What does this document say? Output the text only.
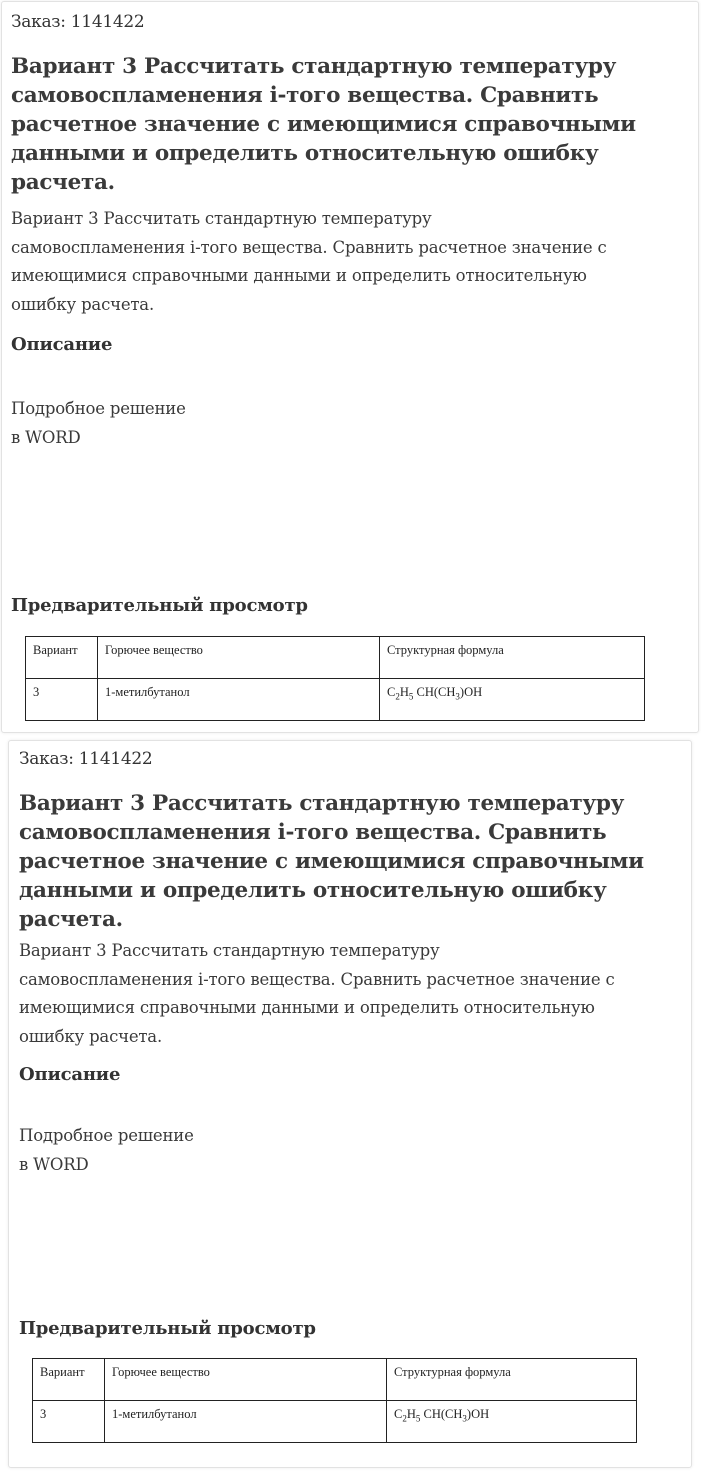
Заказ: 1141422
Вариант 3 Рассчитать стандартную температуру
самовоспламенения i-того вещества. Сравнить
расчетное значение с имеющимися справочными
данными и определить относительную ошибку
расчета.
Вариант 3 Рассчитать стандартную температуру
самовоспламенения i-того вещества. Сравнить расчетное значение с
имеющимися справочными данными и определить относительную
ошибку расчета.
Описание
Подробное решение
в WORD
Предварительный просмотр
Вариант	Горючее вещество	Структурная формула
3	1-метилбутанол	$C_2H_5$ $CH(CH_3)OH$
Заказ: 1141422
Вариант 3 Рассчитать стандартную температуру
самовоспламенения i-того вещества. Сравнить
расчетное значение с имеющимися справочными
данными и определить относительную ошибку
расчета.
Вариант 3 Рассчитать стандартную температуру
самовоспламенения i-того вещества. Сравнить расчетное значение с
имеющимися справочными данными и определить относительную
ошибку расчета.
Описание
Подробное решение
в WORD
Предварительный просмотр
Вариант	Горючее вещество	Структурная формула
3	1-метилбутанол	$C_2H_5$ $CH(CH_3)OH$
